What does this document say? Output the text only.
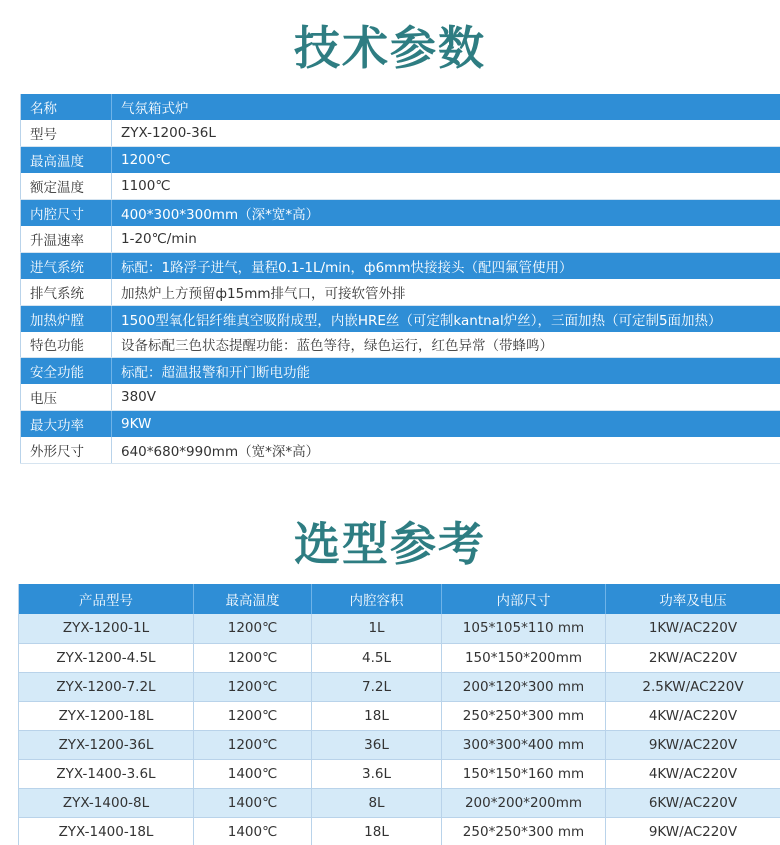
技术参数
名称	气氛箱式炉
型号	ZYX-1200-36L
最高温度	1200℃
额定温度	1100℃
内腔尺寸	400*300*300mm（深*宽*高）
升温速率	1-20℃/min
进气系统	标配：1路浮子进气，量程0.1-1L/min，ф6mm快接接头（配四氟管使用）
排气系统	加热炉上方预留ф15mm排气口，可接软管外排
加热炉膛	1500型氧化铝纤维真空吸附成型，内嵌HRE丝（可定制kantnal炉丝），三面加热（可定制5面加热）
特色功能	设备标配三色状态提醒功能：蓝色等待，绿色运行，红色异常（带蜂鸣）
安全功能	标配：超温报警和开门断电功能
电压	380V
最大功率	9KW
外形尺寸	640*680*990mm（宽*深*高）
选型参考
产品型号	最高温度	内腔容积	内部尺寸	功率及电压
ZYX-1200-1L	1200℃	1L	105*105*110 mm	1KW/AC220V
ZYX-1200-4.5L	1200℃	4.5L	150*150*200mm	2KW/AC220V
ZYX-1200-7.2L	1200℃	7.2L	200*120*300 mm	2.5KW/AC220V
ZYX-1200-18L	1200℃	18L	250*250*300 mm	4KW/AC220V
ZYX-1200-36L	1200℃	36L	300*300*400 mm	9KW/AC220V
ZYX-1400-3.6L	1400℃	3.6L	150*150*160 mm	4KW/AC220V
ZYX-1400-8L	1400℃	8L	200*200*200mm	6KW/AC220V
ZYX-1400-18L	1400℃	18L	250*250*300 mm	9KW/AC220V
